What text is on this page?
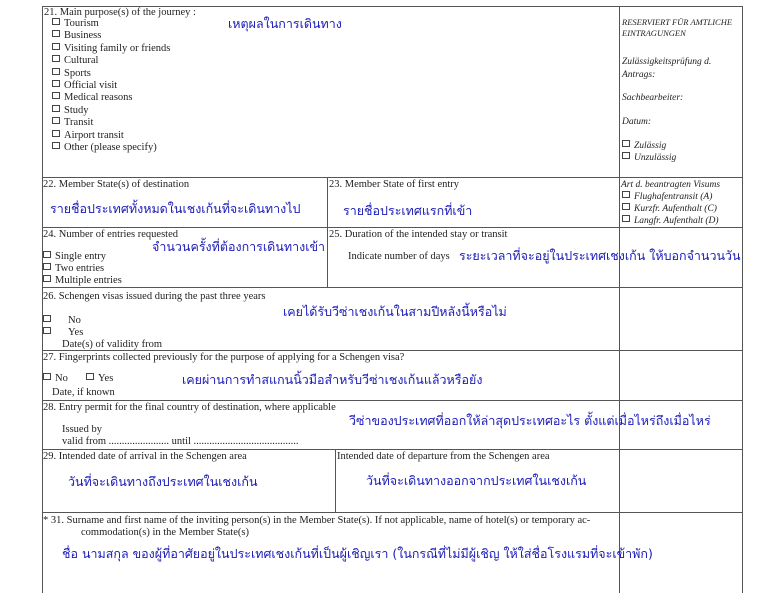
21. Main purpose(s) of the journey :
เหตุผลในการเดินทาง
Tourism
Business
Visiting family or friends
Cultural
Sports
Official visit
Medical reasons
Study
Transit
Airport transit
Other (please specify)
RESERVIERT FÜR AMTLICHE
EINTRAGUNGEN
Zulässigkeitsprüfung d.
Antrags:
Sachbearbeiter:
Datum:
Zulässig
Unzulässig
Art d. beantragten Visums
Flughafentransit (A)
Kurzfr. Aufenthalt (C)
Langfr. Aufenthalt (D)
22. Member State(s) of destination
รายชื่อประเทศทั้งหมดในเชงเก้นที่จะเดินทางไป
23. Member State of first entry
รายชื่อประเทศแรกที่เข้า
24. Number of entries requested
จำนวนครั้งที่ต้องการเดินทางเข้า
Single entry
Two entries
Multiple entries
25. Duration of the intended stay or transit
Indicate number of days ระยะเวลาที่จะอยู่ในประเทศเชงเก้น ให้บอกจำนวนวัน
26. Schengen visas issued during the past three years
เคยได้รับวีซ่าเชงเก้นในสามปีหลังนี้หรือไม่
No
Yes
Date(s) of validity from
27. Fingerprints collected previously for the purpose of applying for a Schengen visa?
No	Yes	เคยผ่านการทำสแกนนิ้วมือสำหรับวีซ่าเชงเก้นแล้วหรือยัง
Date, if known
28. Entry permit for the final country of destination, where applicable
วีซ่าของประเทศที่ออกให้ล่าสุดประเทศอะไร ตั้งแต่เมื่อไหร่ถึงเมื่อไหร่
Issued by
valid from ....................... until ........................................
29. Intended date of arrival in the Schengen area
วันที่จะเดินทางถึงประเทศในเชงเก้น
Intended date of departure from the Schengen area
วันที่จะเดินทางออกจากประเทศในเชงเก้น
* 31. Surname and first name of the inviting person(s) in the Member State(s). If not applicable, name of hotel(s) or temporary ac-
commodation(s) in the Member State(s)
ชื่อ นามสกุล ของผู้ที่อาศัยอยู่ในประเทศเชงเก้นที่เป็นผู้เชิญเรา (ในกรณีที่ไม่มีผู้เชิญ ให้ใส่ชื่อโรงแรมที่จะเข้าพัก)
